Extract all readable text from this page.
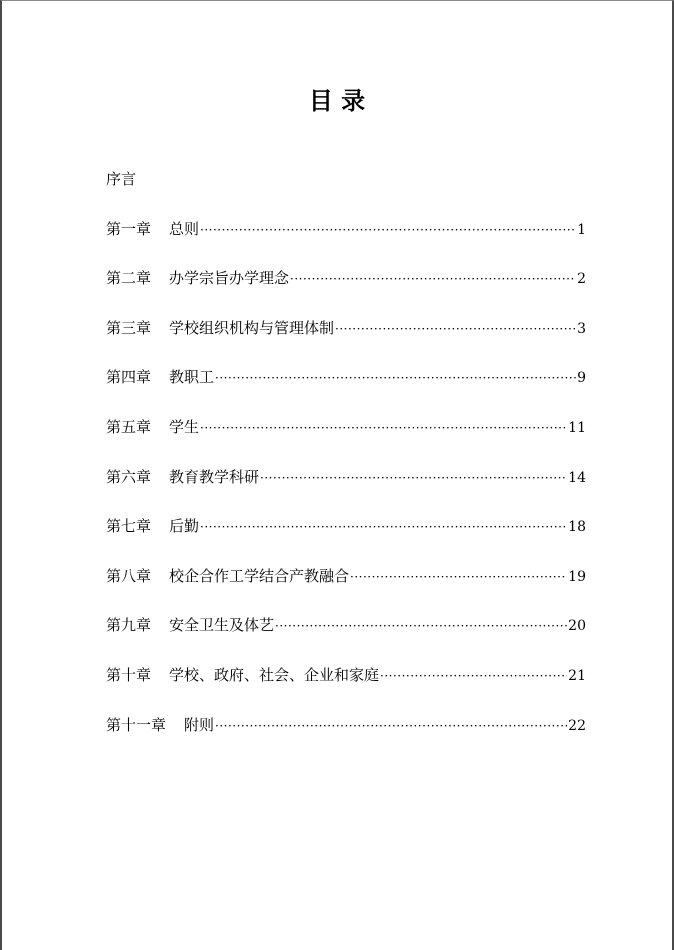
目 录
序言
第一章 总则 ·····	1
第二章 办学宗旨办学理念 ·····	2
第三章 学校组织机构与管理体制 ·····	3
第四章 教职工 ·····	9
第五章 学生 ·····	11
第六章 教育教学科研 ·····	14
第七章 后勤 ·····	18
第八章 校企合作工学结合产教融合 ·····	19
第九章 安全卫生及体艺 ·····	20
第十章 学校、政府、社会、企业和家庭 ·····	21
第十一章 附则 ·····	22
